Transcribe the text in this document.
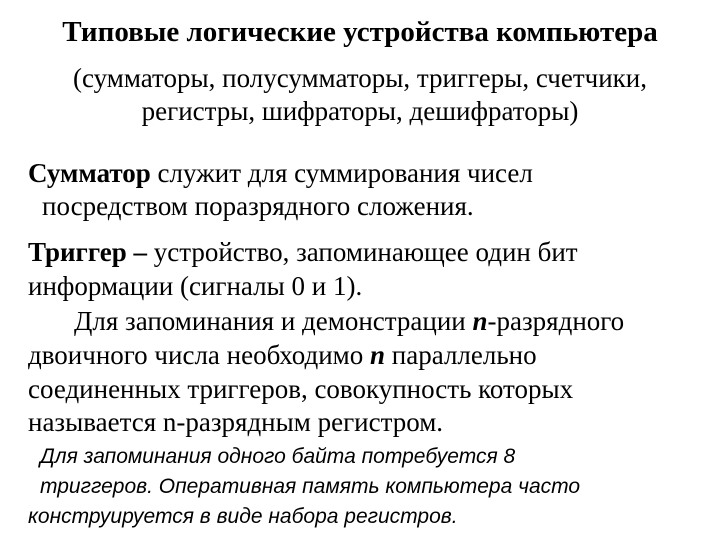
Типовые логические устройства компьютера
(сумматоры, полусумматоры, триггеры, счетчики,
регистры, шифраторы, дешифраторы)
Сумматор служит для суммирования чисел
посредством поразрядного сложения.
Триггер – устройство, запоминающее один бит
информации (сигналы 0 и 1).
Для запоминания и демонстрации n-разрядного
двоичного числа необходимо n параллельно
соединенных триггеров, совокупность которых
называется n-разрядным регистром.
Для запоминания одного байта потребуется 8
триггеров. Оперативная память компьютера часто
конструируется в виде набора регистров.
